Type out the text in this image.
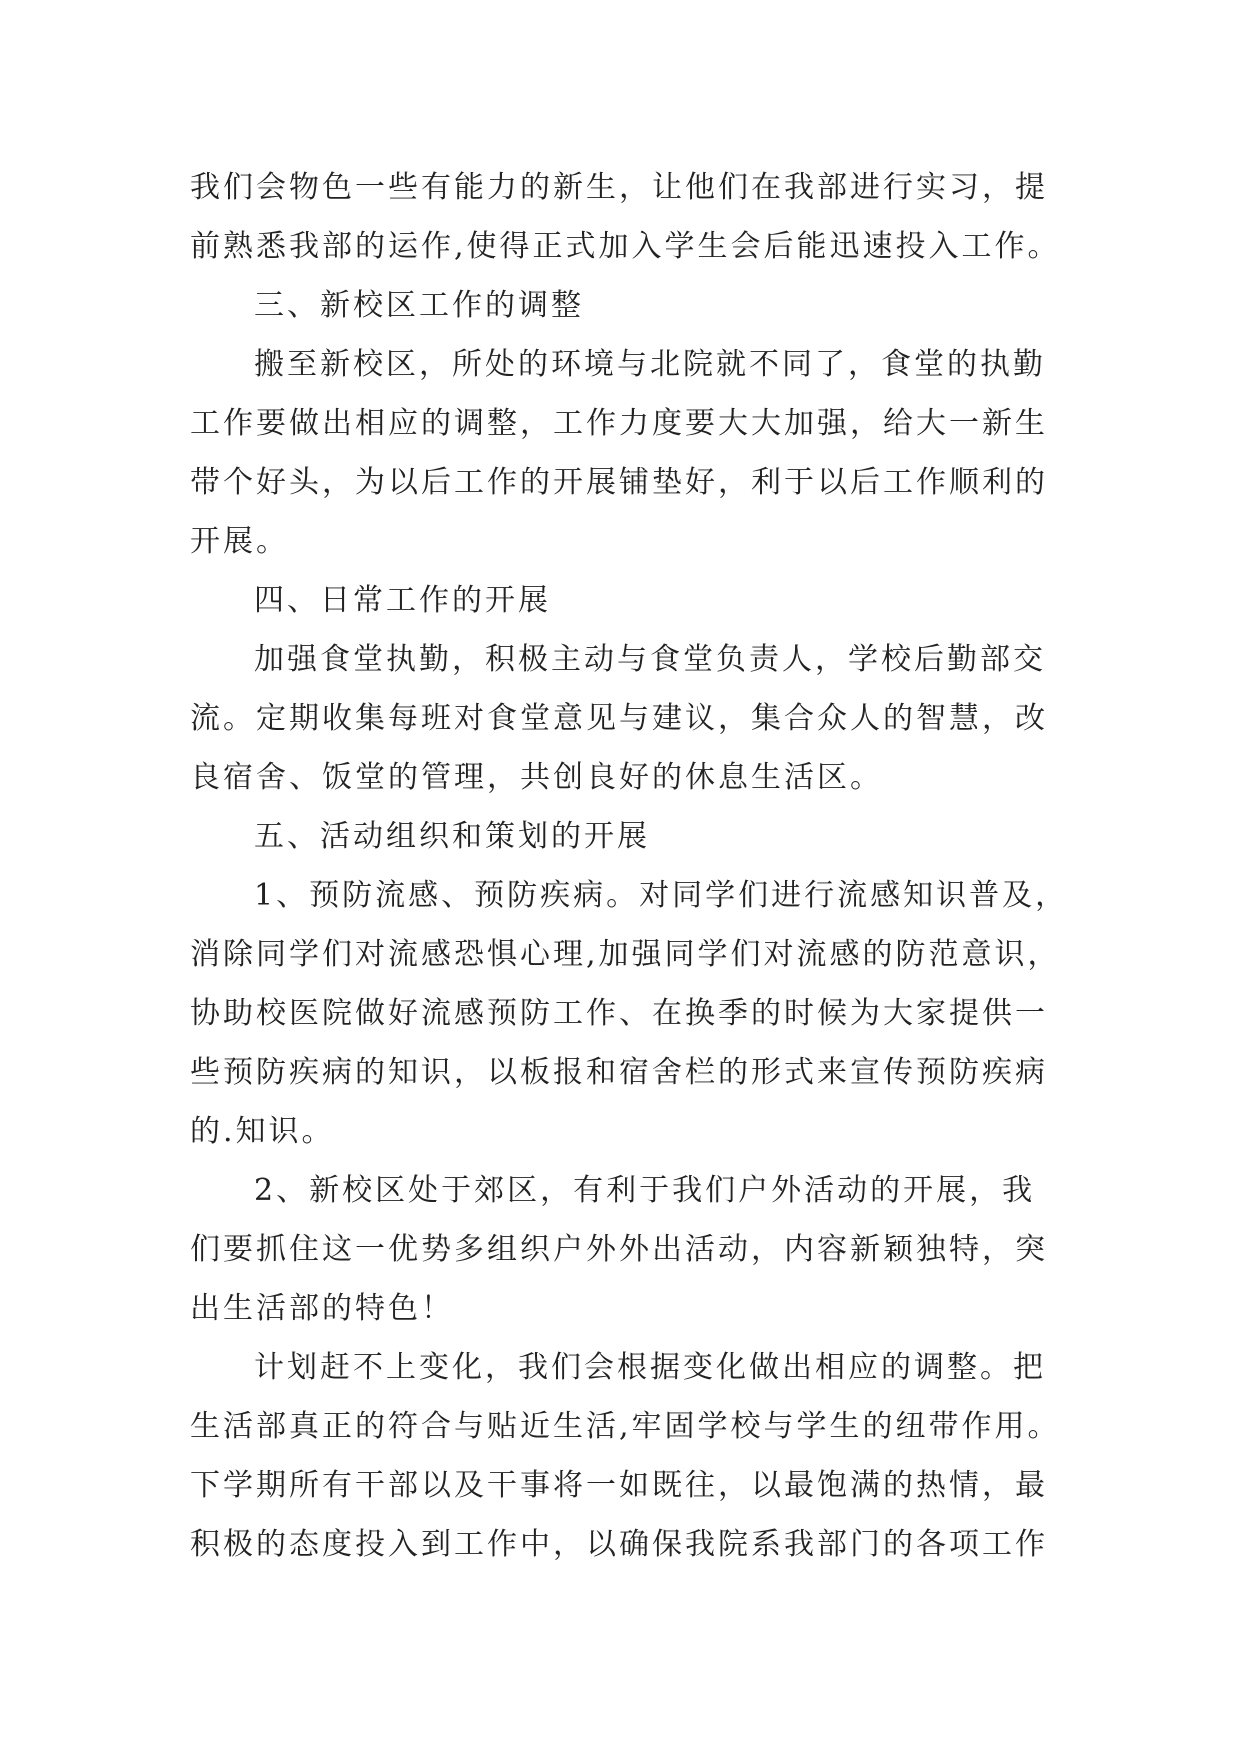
我们会物色一些有能力的新生，让他们在我部进行实习，提
前熟悉我部的运作,使得正式加入学生会后能迅速投入工作。
三、新校区工作的调整
搬至新校区，所处的环境与北院就不同了，食堂的执勤
工作要做出相应的调整，工作力度要大大加强，给大一新生
带个好头，为以后工作的开展铺垫好，利于以后工作顺利的
开展。
四、日常工作的开展
加强食堂执勤，积极主动与食堂负责人，学校后勤部交
流。定期收集每班对食堂意见与建议，集合众人的智慧，改
良宿舍、饭堂的管理，共创良好的休息生活区。
五、活动组织和策划的开展
1、预防流感、预防疾病。对同学们进行流感知识普及，
消除同学们对流感恐惧心理,加强同学们对流感的防范意识，
协助校医院做好流感预防工作、在换季的时候为大家提供一
些预防疾病的知识，以板报和宿舍栏的形式来宣传预防疾病
的.知识。
2、新校区处于郊区，有利于我们户外活动的开展，我
们要抓住这一优势多组织户外外出活动，内容新颖独特，突
出生活部的特色！
计划赶不上变化，我们会根据变化做出相应的调整。把
生活部真正的符合与贴近生活,牢固学校与学生的纽带作用。
下学期所有干部以及干事将一如既往，以最饱满的热情，最
积极的态度投入到工作中，以确保我院系我部门的各项工作
